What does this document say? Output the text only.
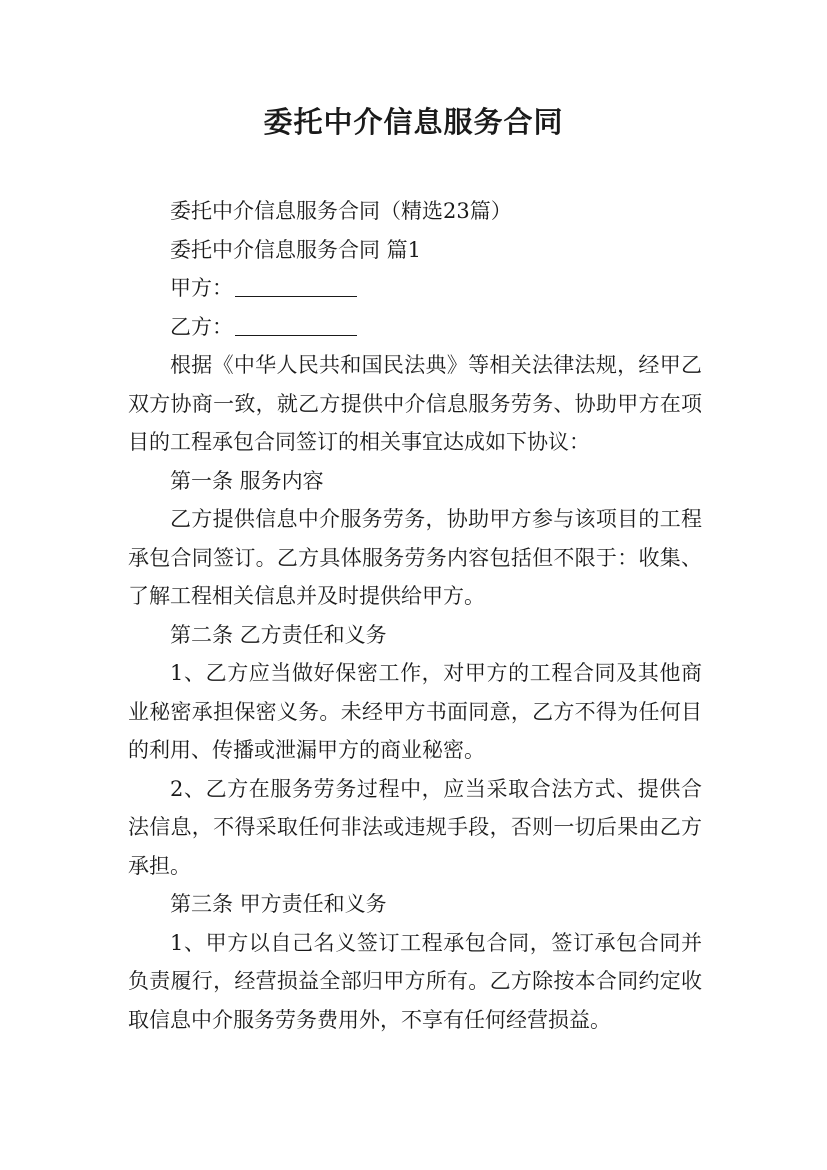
委托中介信息服务合同

委托中介信息服务合同（精选23篇）

委托中介信息服务合同 篇1

甲方：

乙方：

根据《中华人民共和国民法典》等相关法律法规，经甲乙双方协商一致，就乙方提供中介信息服务劳务、协助甲方在项目的工程承包合同签订的相关事宜达成如下协议：

第一条 服务内容

乙方提供信息中介服务劳务，协助甲方参与该项目的工程承包合同签订。乙方具体服务劳务内容包括但不限于：收集、了解工程相关信息并及时提供给甲方。

第二条 乙方责任和义务

1、乙方应当做好保密工作，对甲方的工程合同及其他商业秘密承担保密义务。未经甲方书面同意，乙方不得为任何目的利用、传播或泄漏甲方的商业秘密。

2、乙方在服务劳务过程中，应当采取合法方式、提供合法信息，不得采取任何非法或违规手段，否则一切后果由乙方承担。

第三条 甲方责任和义务

1、甲方以自己名义签订工程承包合同，签订承包合同并负责履行，经营损益全部归甲方所有。乙方除按本合同约定收取信息中介服务劳务费用外，不享有任何经营损益。
